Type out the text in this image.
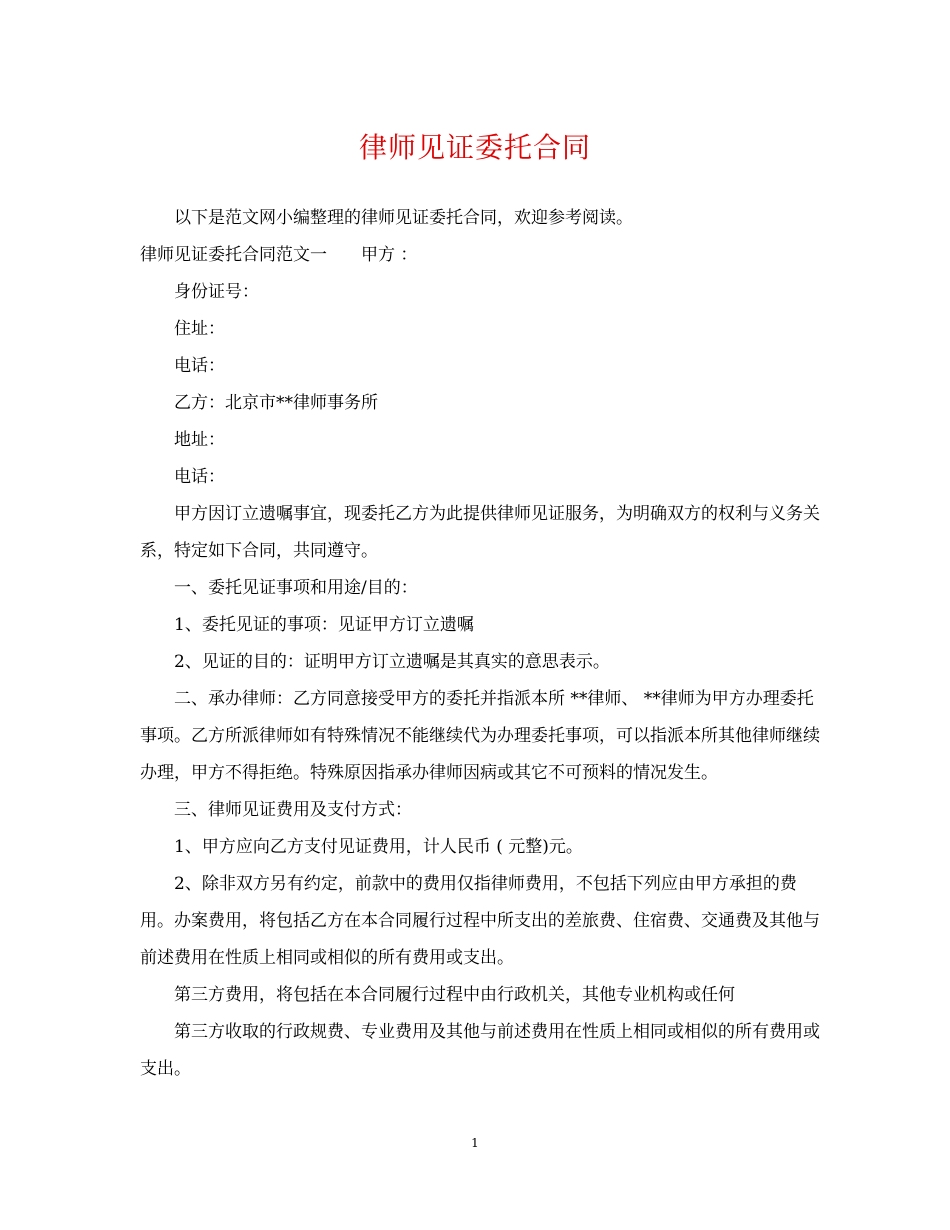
律师见证委托合同

以下是范文网小编整理的律师见证委托合同，欢迎参考阅读。

律师见证委托合同范文一 甲方 ：

身份证号：

住址：

电话：

乙方：北京市**律师事务所

地址：

电话：

甲方因订立遗嘱事宜，现委托乙方为此提供律师见证服务，为明确双方的权利与义务关系，特定如下合同，共同遵守。

一、委托见证事项和用途/目的：

1、委托见证的事项：见证甲方订立遗嘱

2、见证的目的：证明甲方订立遗嘱是其真实的意思表示。

二、承办律师：乙方同意接受甲方的委托并指派本所 **律师、 **律师为甲方办理委托事项。乙方所派律师如有特殊情况不能继续代为办理委托事项，可以指派本所其他律师继续办理，甲方不得拒绝。特殊原因指承办律师因病或其它不可预料的情况发生。

三、律师见证费用及支付方式：

1、甲方应向乙方支付见证费用，计人民币 ( 元整)元。

2、除非双方另有约定，前款中的费用仅指律师费用，不包括下列应由甲方承担的费用。办案费用，将包括乙方在本合同履行过程中所支出的差旅费、住宿费、交通费及其他与前述费用在性质上相同或相似的所有费用或支出。

第三方费用，将包括在本合同履行过程中由行政机关，其他专业机构或任何

第三方收取的行政规费、专业费用及其他与前述费用在性质上相同或相似的所有费用或支出。

1
